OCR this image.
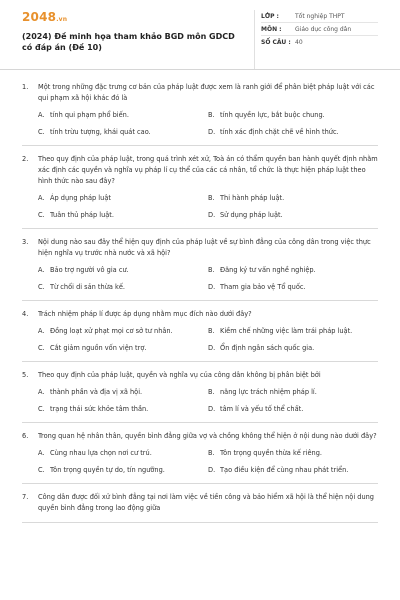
2048.vn
(2024) Đề minh họa tham khảo BGD môn GDCD có đáp án (Đề 10)
LỚP :	Tốt nghiệp THPT
MÔN :	Giáo dục công dân
SỐ CÂU : 40
1.	Một trong những đặc trưng cơ bản của pháp luật được xem là ranh giới để phân biệt pháp luật với các qui phạm xã hội khác đó là
A. tính qui phạm phổ biến.	B. tính quyền lực, bắt buộc chung.
C. tính trừu tượng, khái quát cao.	D. tính xác định chặt chẽ về hình thức.
2.	Theo quy định của pháp luật, trong quá trình xét xử, Toà án có thẩm quyền ban hành quyết định nhằm xác định các quyền và nghĩa vụ pháp lí cụ thể của các cá nhân, tổ chức là thực hiện pháp luật theo hình thức nào sau đây?
A. Áp dụng pháp luật	B. Thi hành pháp luật.
C. Tuân thủ pháp luật.	D. Sử dụng pháp luật.
3.	Nội dung nào sau đây thể hiện quy định của pháp luật về sự bình đẳng của công dân trong việc thực hiện nghĩa vụ trước nhà nước và xã hội?
A. Bảo trợ người vô gia cư.	B. Đăng ký tư vấn nghề nghiệp.
C. Từ chối di sản thừa kế.	D. Tham gia bảo vệ Tổ quốc.
4.	Trách nhiệm pháp lí được áp dụng nhằm mục đích nào dưới đây?
A. Đồng loạt xử phạt mọi cơ sở tư nhân.	B. Kiềm chế những việc làm trái pháp luật.
C. Cắt giảm nguồn vốn viện trợ.	D. Ổn định ngân sách quốc gia.
5.	Theo quy định của pháp luật, quyền và nghĩa vụ của công dân không bị phân biệt bởi
A. thành phần và địa vị xã hội.	B. năng lực trách nhiệm pháp lí.
C. trạng thái sức khỏe tâm thần.	D. tâm lí và yếu tố thể chất.
6.	Trong quan hệ nhân thân, quyền bình đẳng giữa vợ và chồng không thể hiện ở nội dung nào dưới đây?
A. Cùng nhau lựa chọn nơi cư trú.	B. Tôn trọng quyền thừa kế riêng.
C. Tôn trọng quyền tự do, tín ngưỡng.	D. Tạo điều kiện để cùng nhau phát triển.
7.	Công dân được đối xử bình đẳng tại nơi làm việc về tiền công và bảo hiểm xã hội là thể hiện nội dung quyền bình đẳng trong lao động giữa
